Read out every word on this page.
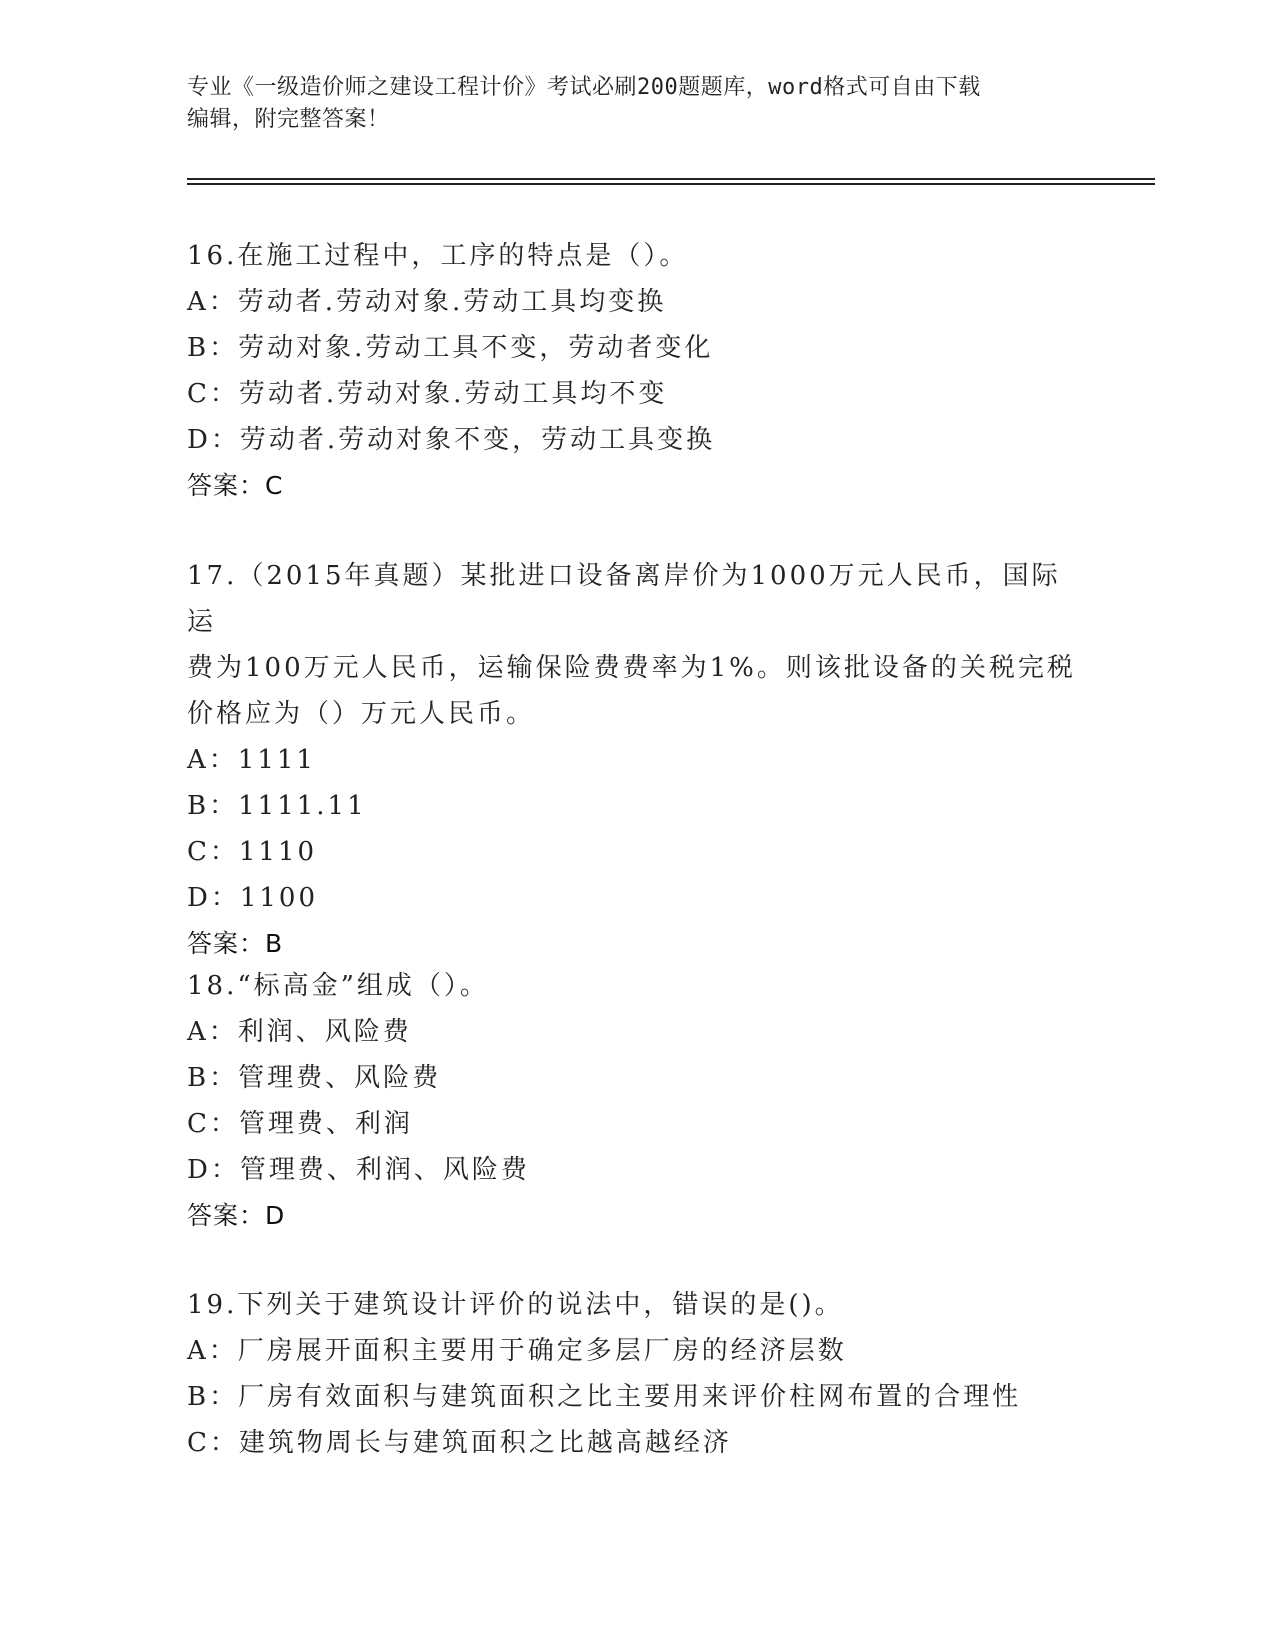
专业《一级造价师之建设工程计价》考试必刷200题题库，word格式可自由下载
编辑，附完整答案！

16.在施工过程中，工序的特点是（）。

A：劳动者.劳动对象.劳动工具均变换

B：劳动对象.劳动工具不变，劳动者变化

C：劳动者.劳动对象.劳动工具均不变

D：劳动者.劳动对象不变，劳动工具变换

答案：C

17.（2015年真题）某批进口设备离岸价为1000万元人民币，国际运

费为100万元人民币，运输保险费费率为1%。则该批设备的关税完税

价格应为（）万元人民币。

A：1111

B：1111.11

C：1110

D：1100

答案：B

18.“标高金”组成（）。

A：利润、风险费

B：管理费、风险费

C：管理费、利润

D：管理费、利润、风险费

答案：D

19.下列关于建筑设计评价的说法中，错误的是()。

A：厂房展开面积主要用于确定多层厂房的经济层数

B：厂房有效面积与建筑面积之比主要用来评价柱网布置的合理性

C：建筑物周长与建筑面积之比越高越经济
